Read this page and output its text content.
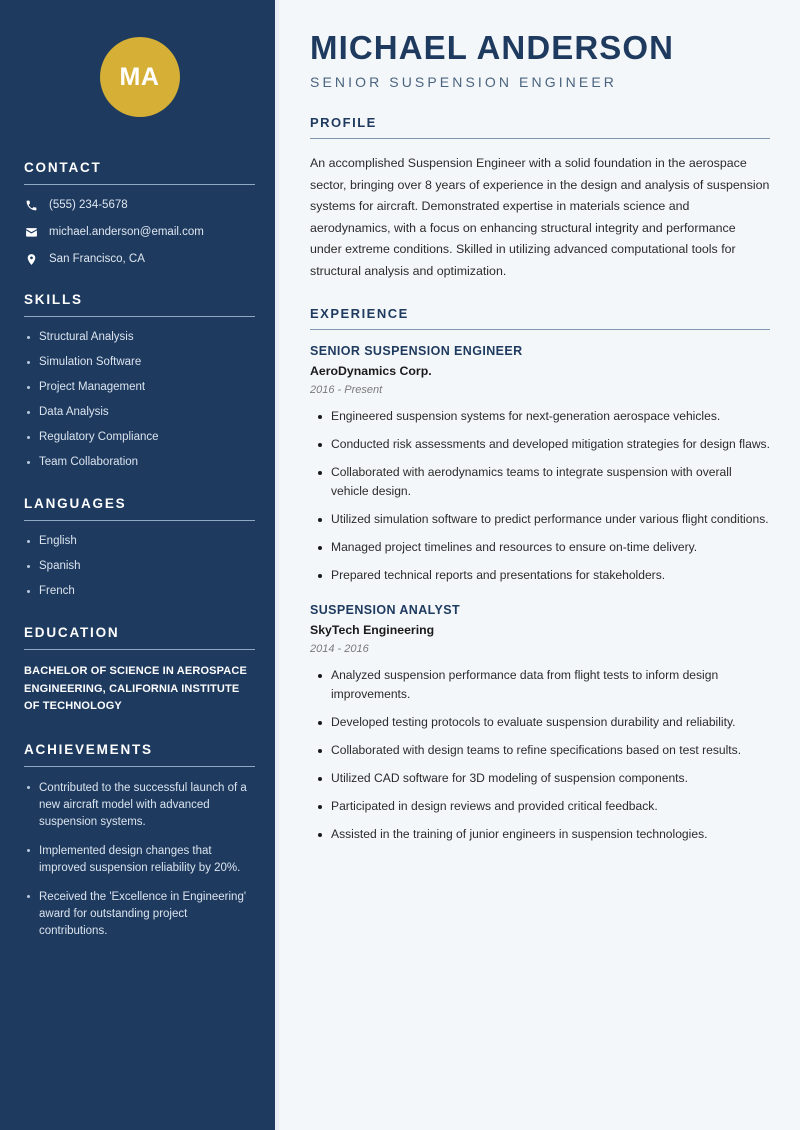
MA
CONTACT
(555) 234-5678
michael.anderson@email.com
San Francisco, CA
SKILLS
Structural Analysis
Simulation Software
Project Management
Data Analysis
Regulatory Compliance
Team Collaboration
LANGUAGES
English
Spanish
French
EDUCATION
BACHELOR OF SCIENCE IN AEROSPACE ENGINEERING, CALIFORNIA INSTITUTE OF TECHNOLOGY
ACHIEVEMENTS
Contributed to the successful launch of a new aircraft model with advanced suspension systems.
Implemented design changes that improved suspension reliability by 20%.
Received the 'Excellence in Engineering' award for outstanding project contributions.
MICHAEL ANDERSON
SENIOR SUSPENSION ENGINEER
PROFILE

An accomplished Suspension Engineer with a solid foundation in the aerospace sector, bringing over 8 years of experience in the design and analysis of suspension systems for aircraft. Demonstrated expertise in materials science and aerodynamics, with a focus on enhancing structural integrity and performance under extreme conditions. Skilled in utilizing advanced computational tools for structural analysis and optimization.

EXPERIENCE
SENIOR SUSPENSION ENGINEER
AeroDynamics Corp.
2016 - Present
Engineered suspension systems for next-generation aerospace vehicles.
Conducted risk assessments and developed mitigation strategies for design flaws.
Collaborated with aerodynamics teams to integrate suspension with overall vehicle design.
Utilized simulation software to predict performance under various flight conditions.
Managed project timelines and resources to ensure on-time delivery.
Prepared technical reports and presentations for stakeholders.
SUSPENSION ANALYST
SkyTech Engineering
2014 - 2016
Analyzed suspension performance data from flight tests to inform design improvements.
Developed testing protocols to evaluate suspension durability and reliability.
Collaborated with design teams to refine specifications based on test results.
Utilized CAD software for 3D modeling of suspension components.
Participated in design reviews and provided critical feedback.
Assisted in the training of junior engineers in suspension technologies.
